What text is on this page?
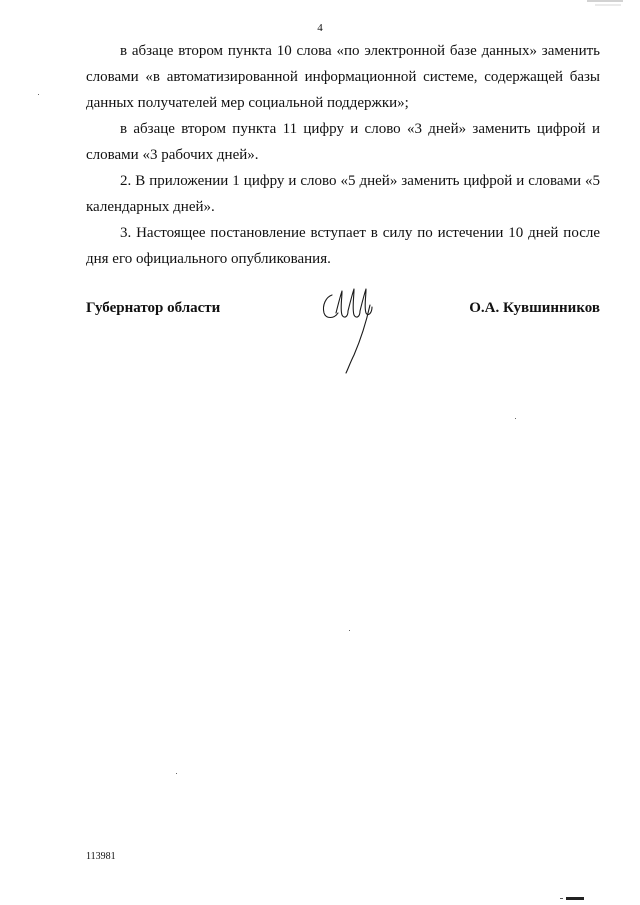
4

в абзаце втором пункта 10 слова «по электронной базе данных» заменить словами «в автоматизированной информационной системе, содержащей базы данных получателей мер социальной поддержки»;

в абзаце втором пункта 11 цифру и слово «3 дней» заменить цифрой и словами «3 рабочих дней».

2. В приложении 1 цифру и слово «5 дней» заменить цифрой и словами «5 календарных дней».

3. Настоящее постановление вступает в силу по истечении 10 дней после дня его официального опубликования.

Губернатор области	О.А. Кувшинников
113981
